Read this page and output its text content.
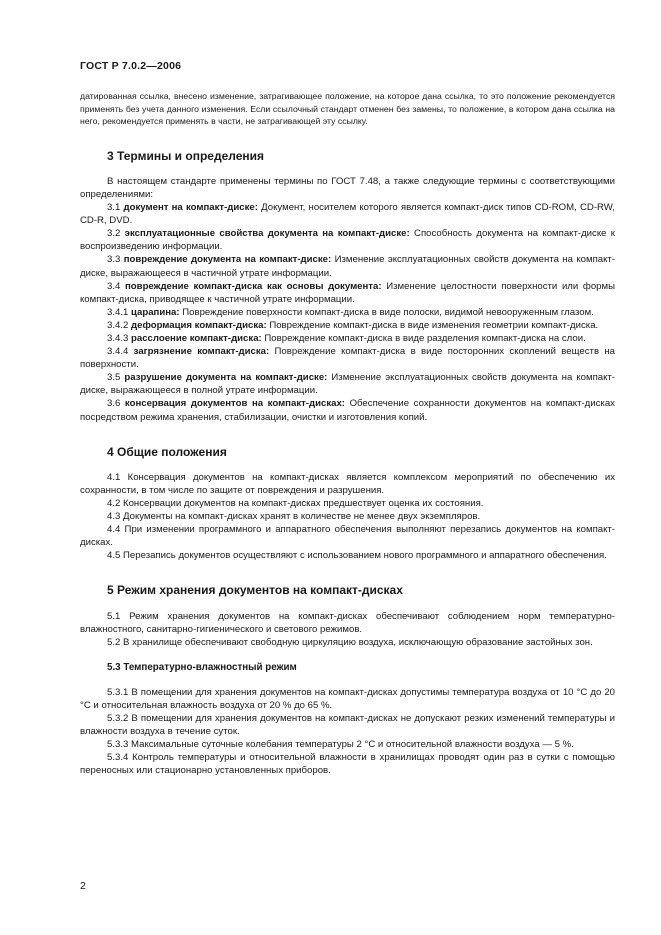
ГОСТ Р 7.0.2—2006

датированная ссылка, внесено изменение, затрагивающее положение, на которое дана ссылка, то это положение рекомендуется применять без учета данного изменения. Если ссылочный стандарт отменен без замены, то положение, в котором дана ссылка на него, рекомендуется применять в части, не затрагивающей эту ссылку.

3 Термины и определения

В настоящем стандарте применены термины по ГОСТ 7.48, а также следующие термины с соответствующими определениями:

3.1 документ на компакт-диске: Документ, носителем которого является компакт-диск типов CD-ROM, CD-RW, CD-R, DVD.

3.2 эксплуатационные свойства документа на компакт-диске: Способность документа на компакт-диске к воспроизведению информации.

3.3 повреждение документа на компакт-диске: Изменение эксплуатационных свойств документа на компакт-диске, выражающееся в частичной утрате информации.

3.4 повреждение компакт-диска как основы документа: Изменение целостности поверхности или формы компакт-диска, приводящее к частичной утрате информации.

3.4.1 царапина: Повреждение поверхности компакт-диска в виде полоски, видимой невооруженным глазом.

3.4.2 деформация компакт-диска: Повреждение компакт-диска в виде изменения геометрии компакт-диска.

3.4.3 расслоение компакт-диска: Повреждение компакт-диска в виде разделения компакт-диска на слои.

3.4.4 загрязнение компакт-диска: Повреждение компакт-диска в виде посторонних скоплений веществ на поверхности.

3.5 разрушение документа на компакт-диске: Изменение эксплуатационных свойств документа на компакт-диске, выражающееся в полной утрате информации.

3.6 консервация документов на компакт-дисках: Обеспечение сохранности документов на компакт-дисках посредством режима хранения, стабилизации, очистки и изготовления копий.

4 Общие положения

4.1 Консервация документов на компакт-дисках является комплексом мероприятий по обеспечению их сохранности, в том числе по защите от повреждения и разрушения.

4.2 Консервации документов на компакт-дисках предшествует оценка их состояния.

4.3 Документы на компакт-дисках хранят в количестве не менее двух экземпляров.

4.4 При изменении программного и аппаратного обеспечения выполняют перезапись документов на компакт-дисках.

4.5 Перезапись документов осуществляют с использованием нового программного и аппаратного обеспечения.

5 Режим хранения документов на компакт-дисках

5.1 Режим хранения документов на компакт-дисках обеспечивают соблюдением норм температурно-влажностного, санитарно-гигиенического и светового режимов.

5.2 В хранилище обеспечивают свободную циркуляцию воздуха, исключающую образование застойных зон.

5.3 Температурно-влажностный режим

5.3.1 В помещении для хранения документов на компакт-дисках допустимы температура воздуха от 10 °С до 20 °С и относительная влажность воздуха от 20 % до 65 %.

5.3.2 В помещении для хранения документов на компакт-дисках не допускают резких изменений температуры и влажности воздуха в течение суток.

5.3.3 Максимальные суточные колебания температуры 2 °С и относительной влажности воздуха — 5 %.

5.3.4 Контроль температуры и относительной влажности в хранилищах проводят один раз в сутки с помощью переносных или стационарно установленных приборов.

2
